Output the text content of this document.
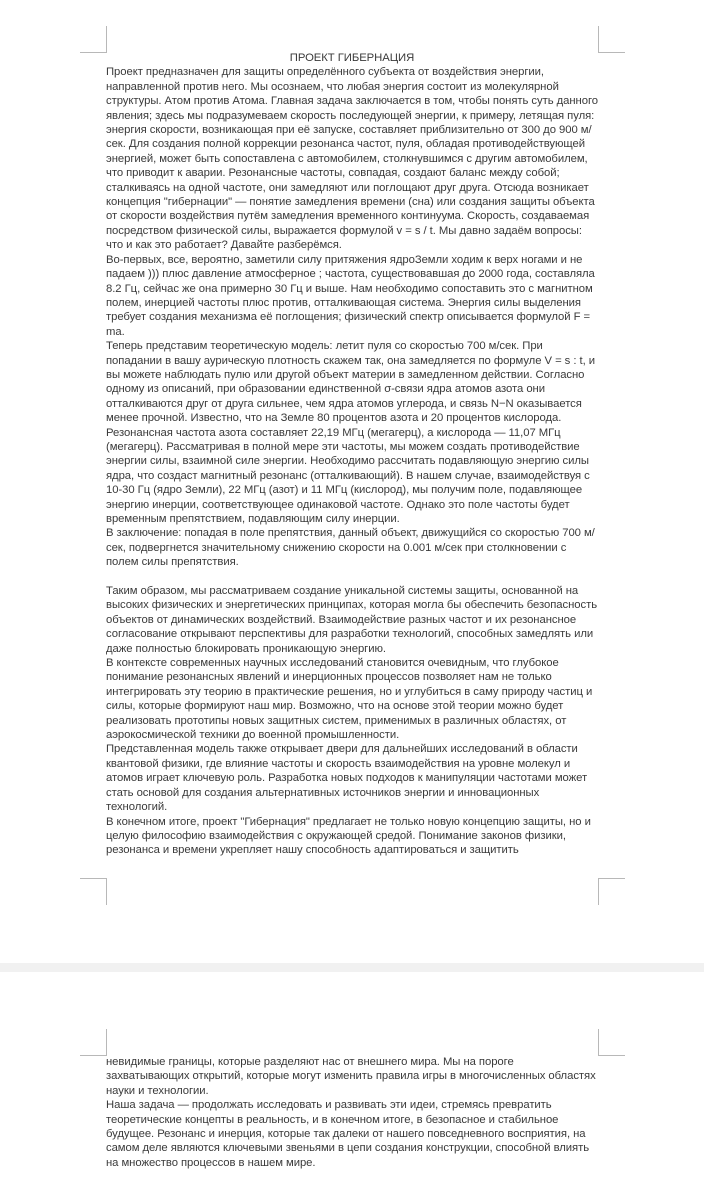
ПРОЕКТ ГИБЕРНАЦИЯ

Проект предназначен для защиты определённого субъекта от воздействия энергии, направленной против него. Мы осознаем, что любая энергия состоит из молекулярной структуры. Атом против Атома. Главная задача заключается в том, чтобы понять суть данного явления; здесь мы подразумеваем скорость последующей энергии, к примеру, летящая пуля: энергия скорости, возникающая при её запуске, составляет приблизительно от 300 до 900 м/сек. Для создания полной коррекции резонанса частот, пуля, обладая противодействующей энергией, может быть сопоставлена с автомобилем, столкнувшимся с другим автомобилем, что приводит к аварии. Резонансные частоты, совпадая, создают баланс между собой; сталкиваясь на одной частоте, они замедляют или поглощают друг друга. Отсюда возникает концепция "гибернации" — понятие замедления времени (сна) или создания защиты объекта от скорости воздействия путём замедления временного континуума. Скорость, создаваемая посредством физической силы, выражается формулой v = s / t. Мы давно задаём вопросы: что и как это работает? Давайте разберёмся.

Во-первых, все, вероятно, заметили силу притяжения ядроЗемли ходим к верх ногами и не падаем ))) плюс давление атмосферное ; частота, существовавшая до 2000 года, составляла 8.2 Гц, сейчас же она примерно 30 Гц и выше. Нам необходимо сопоставить это с магнитном полем, инерцией частоты плюс против, отталкивающая система. Энергия силы выделения требует создания механизма её поглощения; физический спектр описывается формулой F = ma.

Теперь представим теоретическую модель: летит пуля со скоростью 700 м/сек. При попадании в вашу аурическую плотность скажем так, она замедляется по формуле V = s : t, и вы можете наблюдать пулю или другой объект материи в замедленном действии. Согласно одному из описаний, при образовании единственной σ-связи ядра атомов азота они отталкиваются друг от друга сильнее, чем ядра атомов углерода, и связь N−N оказывается менее прочной. Известно, что на Земле 80 процентов азота и 20 процентов кислорода. Резонансная частота азота составляет 22,19 МГц (мегагерц), а кислорода — 11,07 МГц (мегагерц). Рассматривая в полной мере эти частоты, мы можем создать противодействие энергии силы, взаимной силе энергии. Необходимо рассчитать подавляющую энергию силы ядра, что создаст магнитный резонанс (отталкивающий). В нашем случае, взаимодействуя с 10-30 Гц (ядро Земли), 22 МГц (азот) и 11 МГц (кислород), мы получим поле, подавляющее энергию инерции, соответствующее одинаковой частоте. Однако это поле частоты будет временным препятствием, подавляющим силу инерции.

В заключение: попадая в поле препятствия, данный объект, движущийся со скоростью 700 м/сек, подвергнется значительному снижению скорости на 0.001 м/сек при столкновении с полем силы препятствия.

Таким образом, мы рассматриваем создание уникальной системы защиты, основанной на высоких физических и энергетических принципах, которая могла бы обеспечить безопасность объектов от динамических воздействий. Взаимодействие разных частот и их резонансное согласование открывают перспективы для разработки технологий, способных замедлять или даже полностью блокировать проникающую энергию.

В контексте современных научных исследований становится очевидным, что глубокое понимание резонансных явлений и инерционных процессов позволяет нам не только интегрировать эту теорию в практические решения, но и углубиться в саму природу частиц и силы, которые формируют наш мир. Возможно, что на основе этой теории можно будет реализовать прототипы новых защитных систем, применимых в различных областях, от аэрокосмической техники до военной промышленности.

Представленная модель также открывает двери для дальнейших исследований в области квантовой физики, где влияние частоты и скорость взаимодействия на уровне молекул и атомов играет ключевую роль. Разработка новых подходов к манипуляции частотами может стать основой для создания альтернативных источников энергии и инновационных технологий.

В конечном итоге, проект "Гибернация" предлагает не только новую концепцию защиты, но и целую философию взаимодействия с окружающей средой. Понимание законов физики, резонанса и времени укрепляет нашу способность адаптироваться и защитить

невидимые границы, которые разделяют нас от внешнего мира. Мы на пороге захватывающих открытий, которые могут изменить правила игры в многочисленных областях науки и технологии.

Наша задача — продолжать исследовать и развивать эти идеи, стремясь превратить теоретические концепты в реальность, и в конечном итоге, в безопасное и стабильное будущее. Резонанс и инерция, которые так далеки от нашего повседневного восприятия, на самом деле являются ключевыми звеньями в цепи создания конструкции, способной влиять на множество процессов в нашем мире.
